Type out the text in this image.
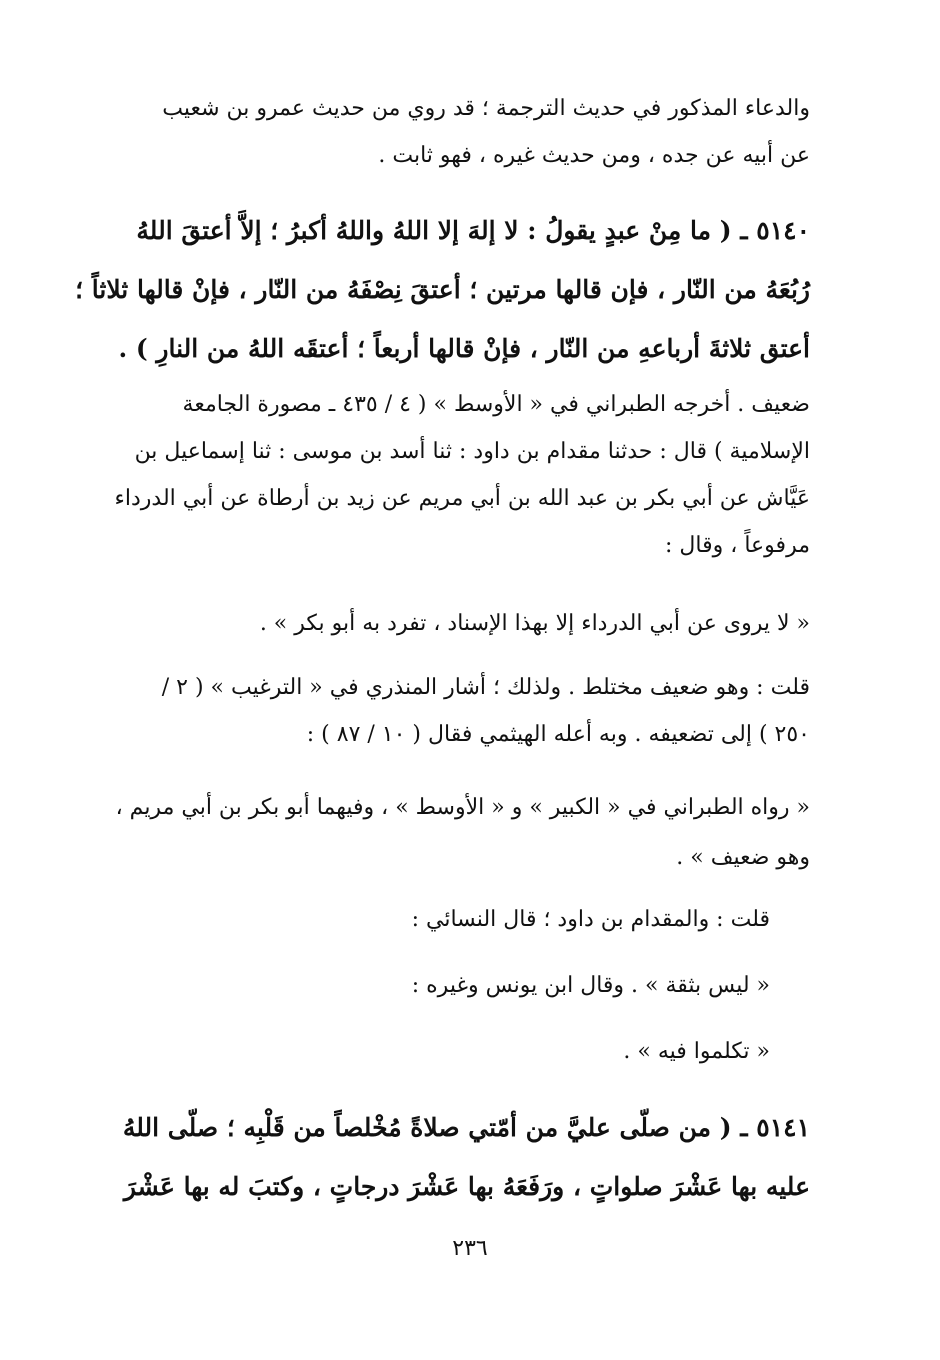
والدعاء المذكور في حديث الترجمة ؛ قد روي من حديث عمرو بن شعيب
عن أبيه عن جده ، ومن حديث غيره ، فهو ثابت .

٥١٤٠ ـ ( ما مِنْ عبدٍ يقولُ : لا إلهَ إلا اللهُ واللهُ أكبرُ ؛ إلاَّ أعتقَ اللهُ
رُبُعَهُ من النّار ، فإن قالها مرتين ؛ أعتقَ نِصْفَهُ من النّار ، فإنْ قالها ثلاثاً ؛
أعتق ثلاثةَ أرباعهِ من النّار ، فإنْ قالها أربعاً ؛ أعتقَه اللهُ من النارِ ) .

ضعيف . أخرجه الطبراني في « الأوسط » ( ٤ / ٤٣٥ ـ مصورة الجامعة
الإسلامية ) قال : حدثنا مقدام بن داود : ثنا أسد بن موسى : ثنا إسماعيل بن
عَيَّاش عن أبي بكر بن عبد الله بن أبي مريم عن زيد بن أرطاة عن أبي الدرداء
مرفوعاً ، وقال :

« لا يروى عن أبي الدرداء إلا بهذا الإسناد ، تفرد به أبو بكر » .

قلت : وهو ضعيف مختلط . ولذلك ؛ أشار المنذري في « الترغيب » ( ٢ /
٢٥٠ ) إلى تضعيفه . وبه أعله الهيثمي فقال ( ١٠ / ٨٧ ) :

« رواه الطبراني في « الكبير » و « الأوسط » ، وفيهما أبو بكر بن أبي مريم ،
وهو ضعيف » .

قلت : والمقدام بن داود ؛ قال النسائي :

« ليس بثقة » . وقال ابن يونس وغيره :

« تكلموا فيه » .

٥١٤١ ـ ( من صلّى عليَّ من أمّتي صلاةً مُخْلصاً من قَلْبِه ؛ صلّى اللهُ
عليه بها عَشْرَ صلواتٍ ، ورَفَعَهُ بها عَشْرَ درجاتٍ ، وكتبَ له بها عَشْرَ

٢٣٦
